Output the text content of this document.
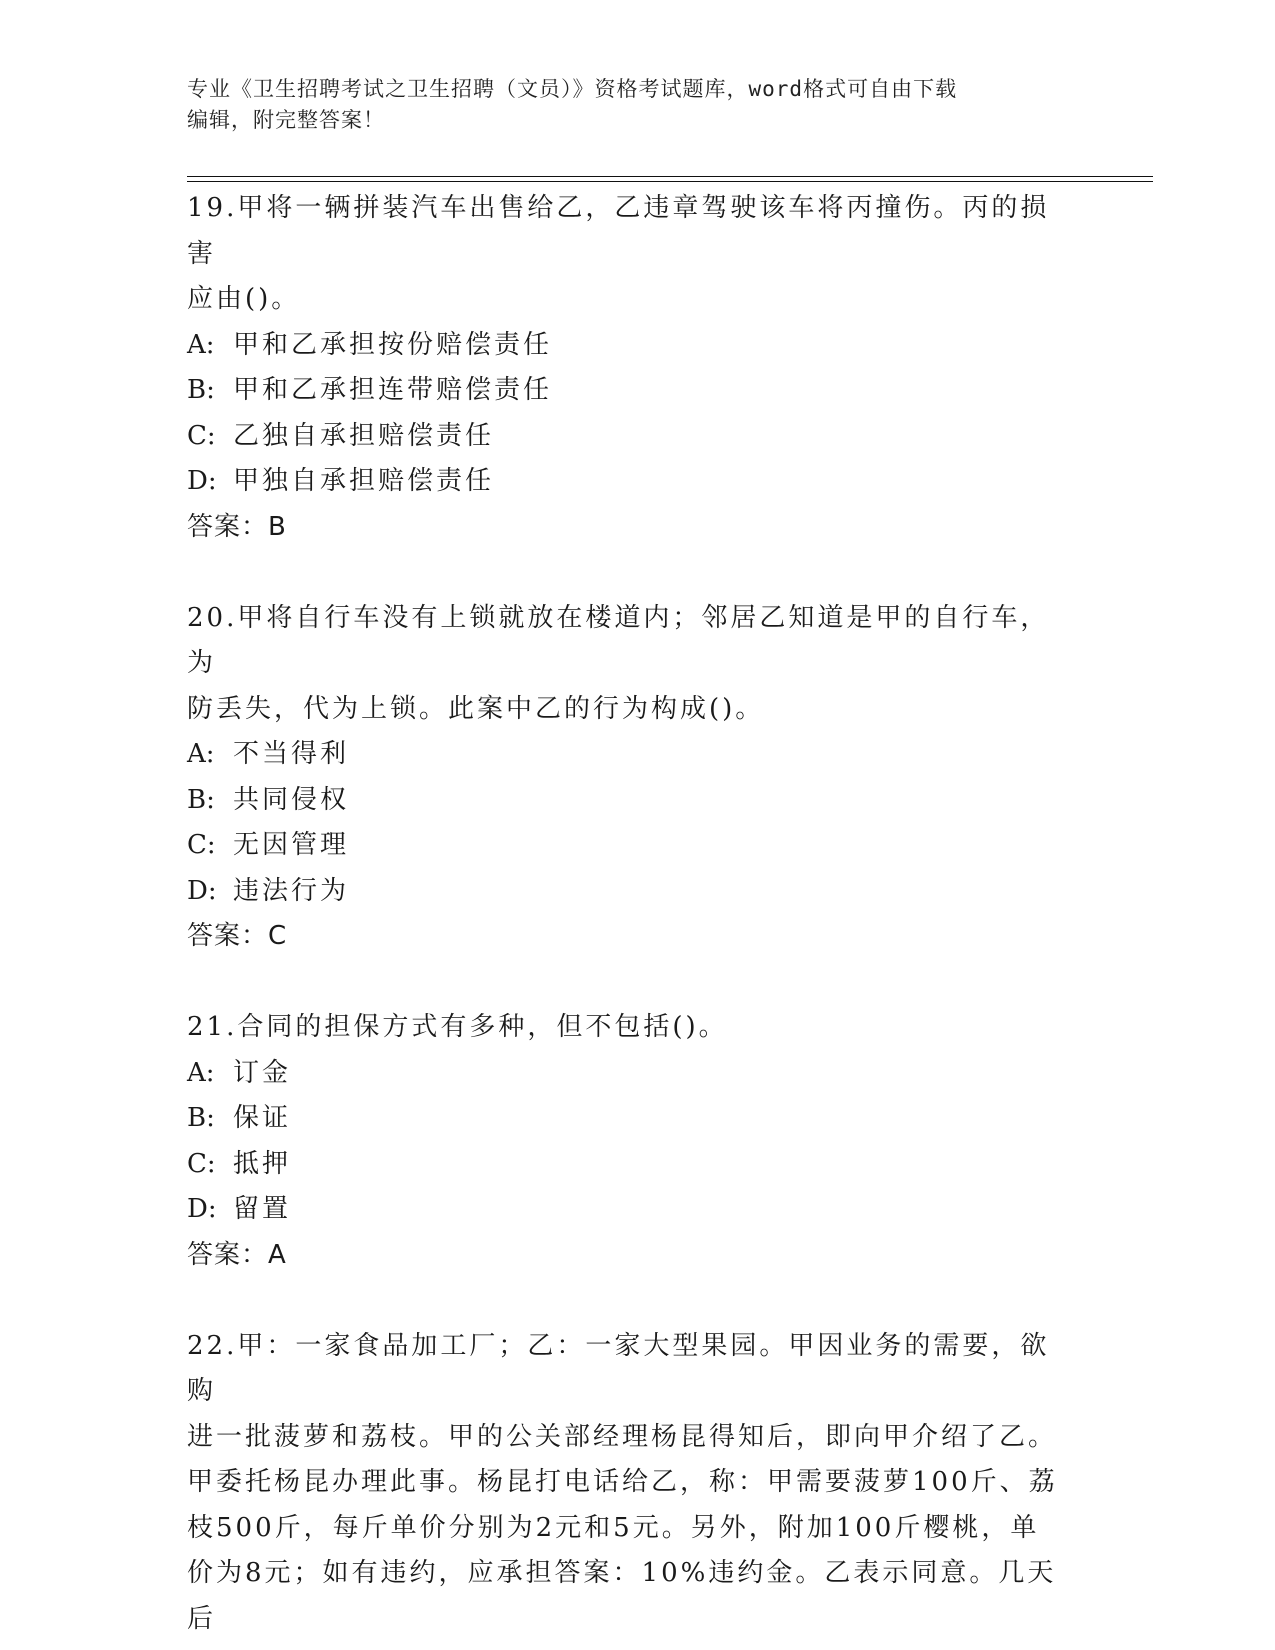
专业《卫生招聘考试之卫生招聘（文员）》资格考试题库，word格式可自由下载
编辑，附完整答案！
19.甲将一辆拼装汽车出售给乙，乙违章驾驶该车将丙撞伤。丙的损害
应由()。
A: 甲和乙承担按份赔偿责任
B: 甲和乙承担连带赔偿责任
C: 乙独自承担赔偿责任
D: 甲独自承担赔偿责任
答案：B
20.甲将自行车没有上锁就放在楼道内；邻居乙知道是甲的自行车，为
防丢失，代为上锁。此案中乙的行为构成()。
A: 不当得利
B: 共同侵权
C: 无因管理
D: 违法行为
答案：C
21.合同的担保方式有多种，但不包括()。
A: 订金
B: 保证
C: 抵押
D: 留置
答案：A
22.甲：一家食品加工厂；乙：一家大型果园。甲因业务的需要，欲购
进一批菠萝和荔枝。甲的公关部经理杨昆得知后，即向甲介绍了乙。
甲委托杨昆办理此事。杨昆打电话给乙，称：甲需要菠萝100斤、荔
枝500斤，每斤单价分别为2元和5元。另外，附加100斤樱桃，单
价为8元；如有违约，应承担答案：10%违约金。乙表示同意。几天后
